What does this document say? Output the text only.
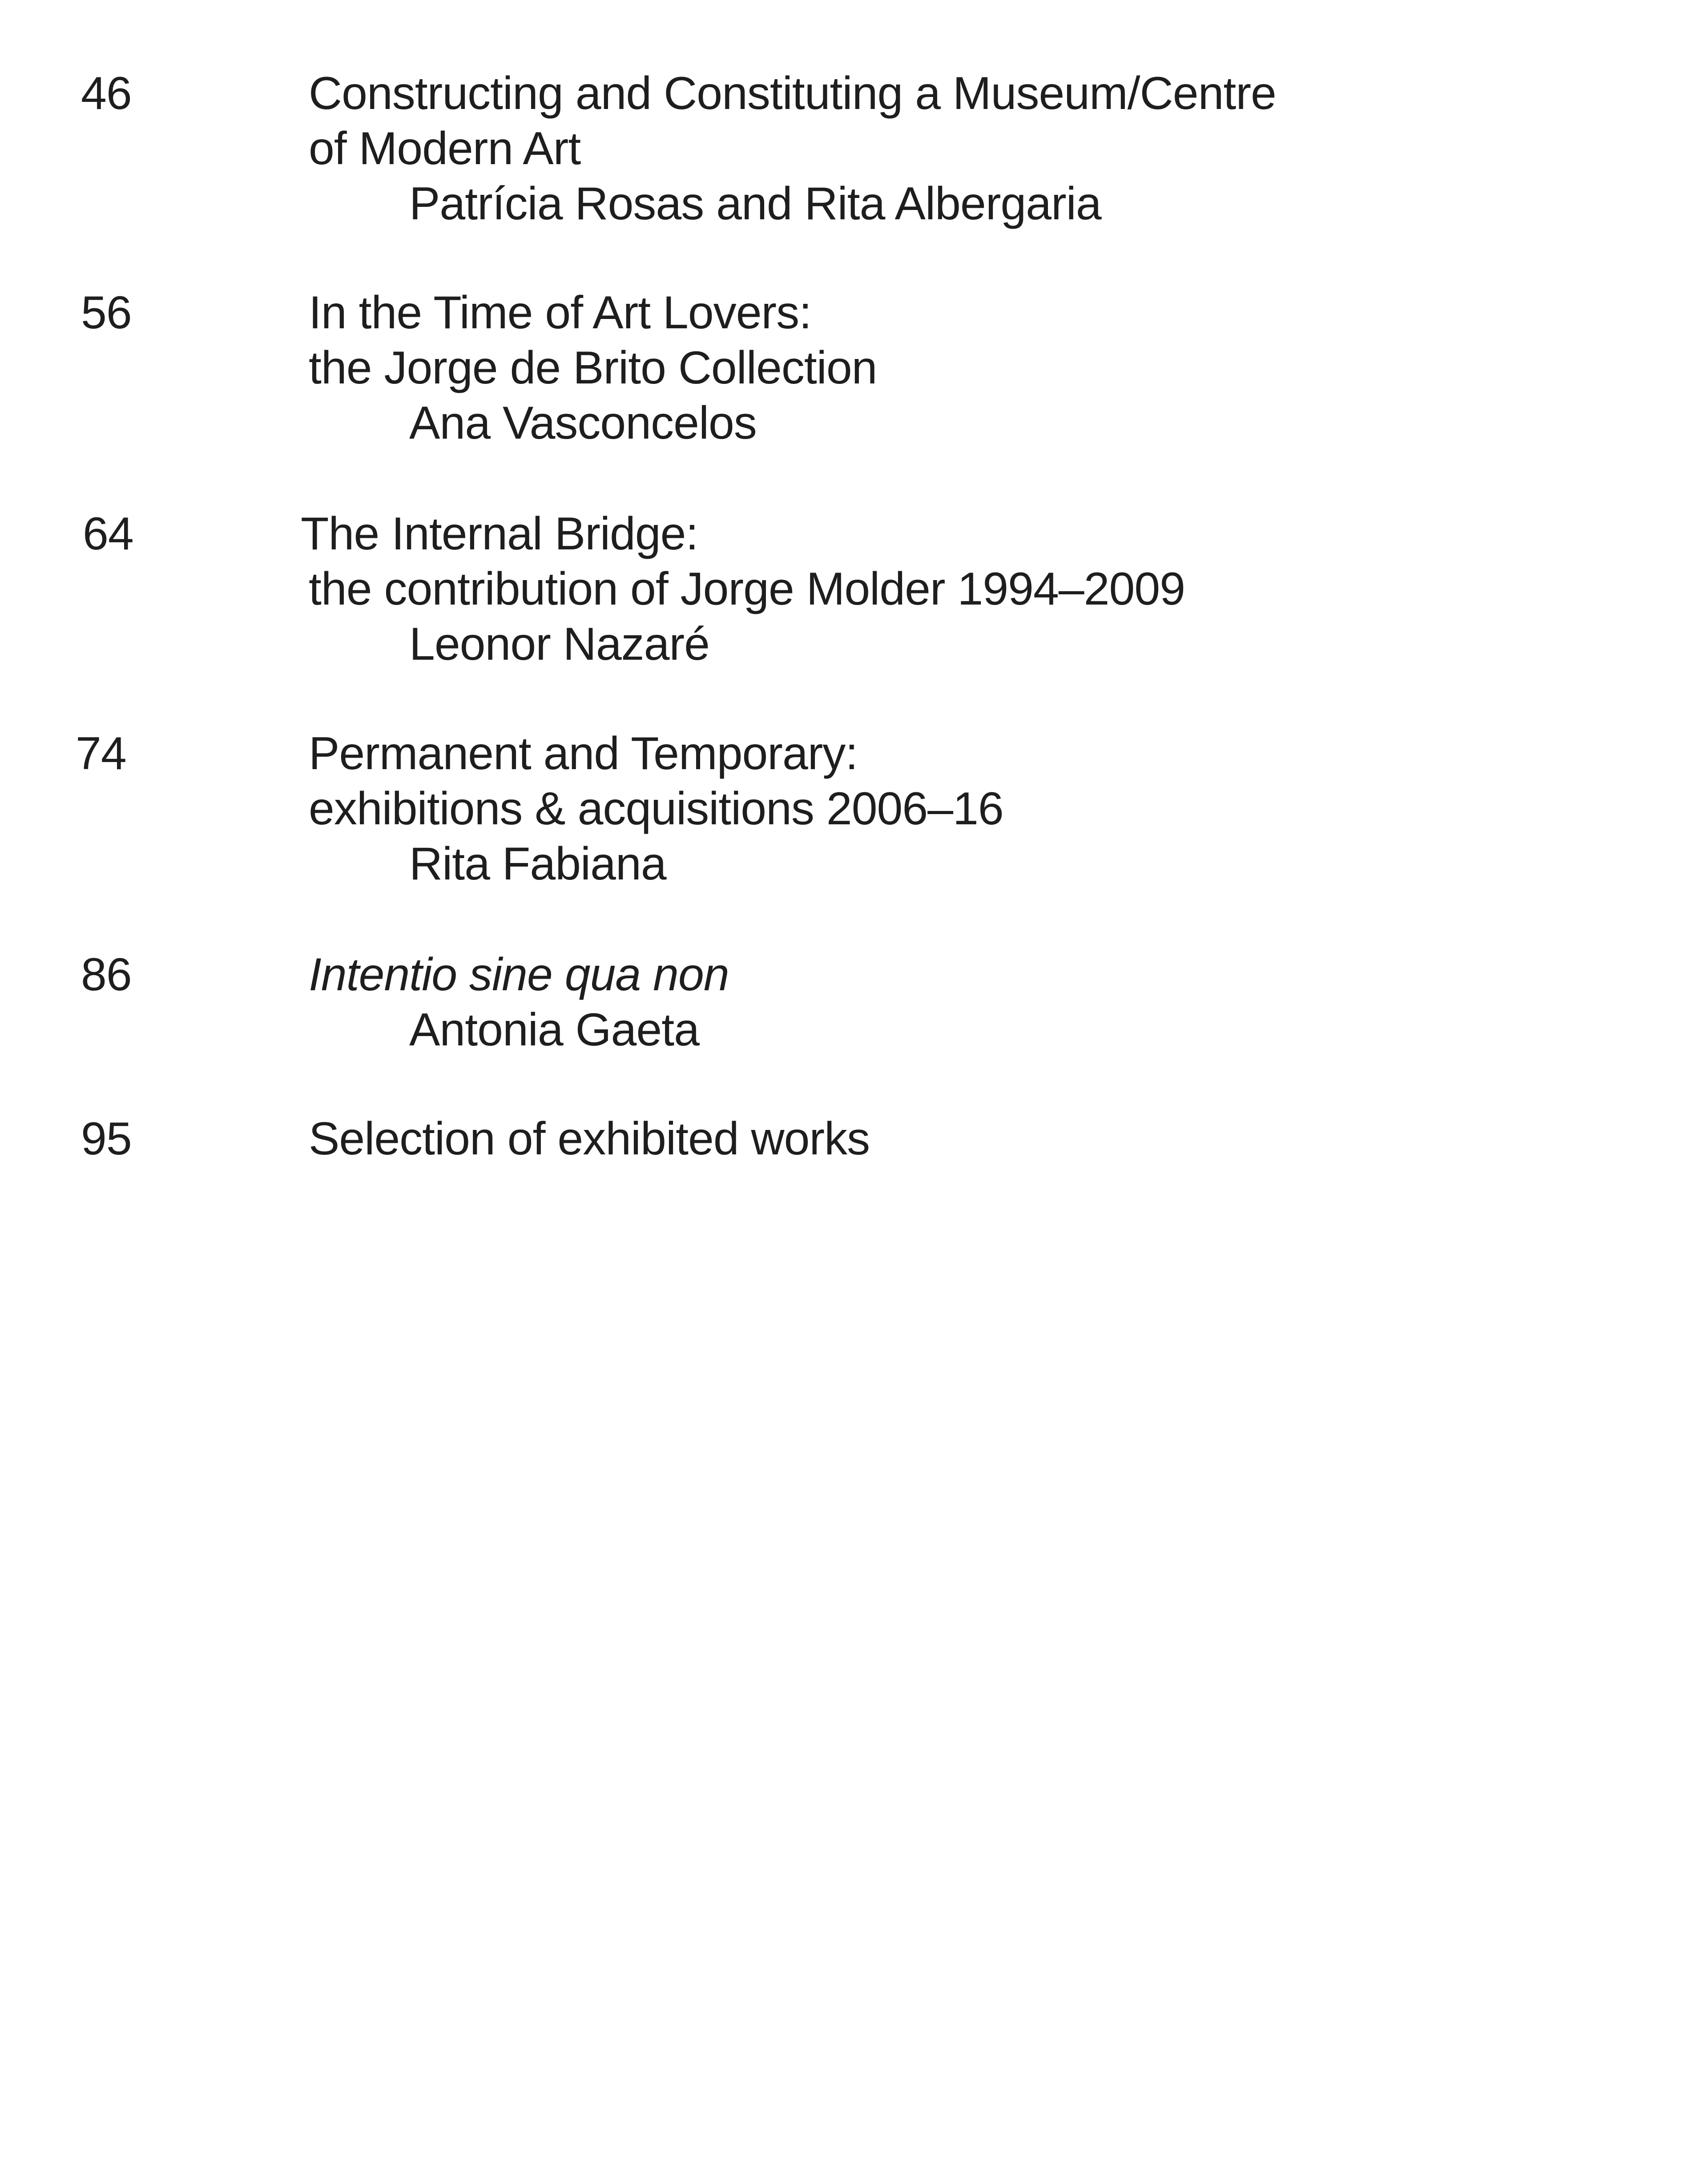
46	Constructing and Constituting a Museum/Centre
of Modern Art
Patrícia Rosas and Rita Albergaria
56	In the Time of Art Lovers:
the Jorge de Brito Collection
Ana Vasconcelos
64	The Internal Bridge:
the contribution of Jorge Molder 1994–2009
Leonor Nazaré
74	Permanent and Temporary:
exhibitions & acquisitions 2006–16
Rita Fabiana
86	Intentio sine qua non
Antonia Gaeta
95	Selection of exhibited works
